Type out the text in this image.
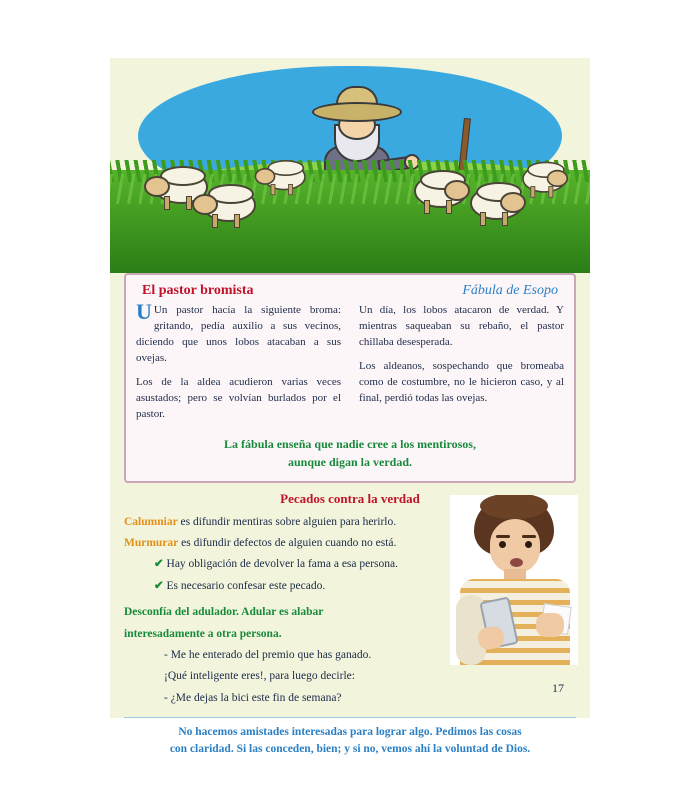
El pastor bromista	Fábula de Esopo

U Un pastor hacía la siguiente broma: gritando, pedía auxilio a sus vecinos, diciendo que unos lobos atacaban a sus ovejas.

Los de la aldea acudieron varias veces asustados; pero se volvían burlados por el pastor.

Un día, los lobos atacaron de verdad. Y mientras saqueaban su rebaño, el pastor chillaba desesperada.

Los aldeanos, sospechando que bromeaba como de costumbre, no le hicieron caso, y al final, perdió todas las ovejas.

La fábula enseña que nadie cree a los mentirosos,
aunque digan la verdad.
Pecados contra la verdad

Calumniar es difundir mentiras sobre alguien para herirlo.

Murmurar es difundir defectos de alguien cuando no está.

✔ Hay obligación de devolver la fama a esa persona.

✔ Es necesario confesar este pecado.

Desconfía del adulador. Adular es alabar

interesadamente a otra persona.

- Me he enterado del premio que has ganado.

¡Qué inteligente eres!, para luego decirle:

- ¿Me dejas la bici este fin de semana?

No hacemos amistades interesadas para lograr algo. Pedimos las cosas
con claridad. Si las conceden, bien; y si no, vemos ahí la voluntad de Dios.
17
